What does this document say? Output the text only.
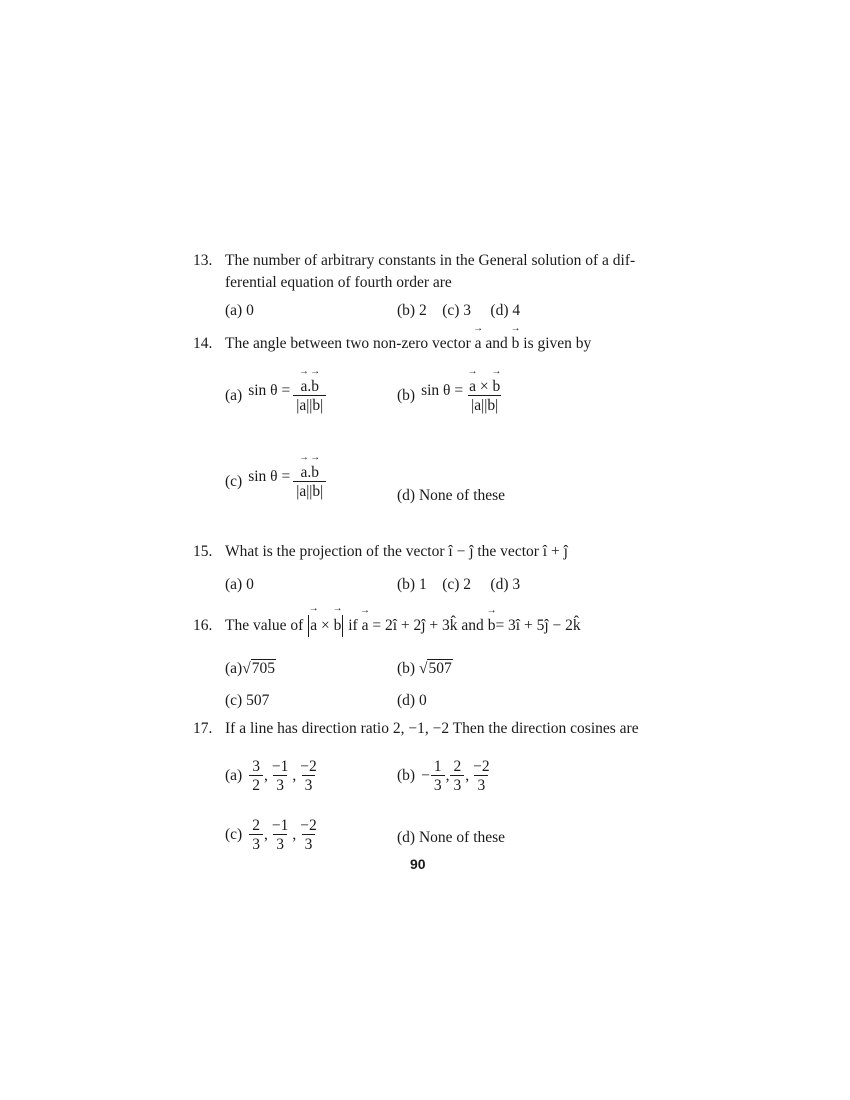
13. The number of arbitrary constants in the General solution of a dif-
ferential equation of fourth order are
(a) 0	(b) 2    (c) 3     (d) 4
14. The angle between two non-zero vector → a and → b is given by
(a) sin θ = → $\frac{a.\to b}{|a||b|}$	(b) sin θ = → $\frac{a \times \to b}{|a||b|}$
(c) sin θ = → $\frac{a.\to b}{|a||b|}$	(d) None of these
15. What is the projection of the vector î − ĵ the vector î + ĵ
(a) 0	(b) 1    (c) 2     (d) 3
16. The value of → a × → b if → a = 2î + 2ĵ + 3k̂ and → b= 3î + 5ĵ − 2k̂
(a)√705	(b) √507
(c) 507	(d) 0
17. If a line has direction ratio 2, −1, −2 Then the direction cosines are
$(a) \frac{3}{2}$ , $\frac{-1}{3}$ , $\frac{-2}{3}$	$(b) - \frac{1}{3}$ , $\frac{2}{3}$ , $\frac{-2}{3}$
$(c) \frac{2}{3}$ , $\frac{-1}{3}$ , $\frac{-2}{3}$	(d) None of these
90
